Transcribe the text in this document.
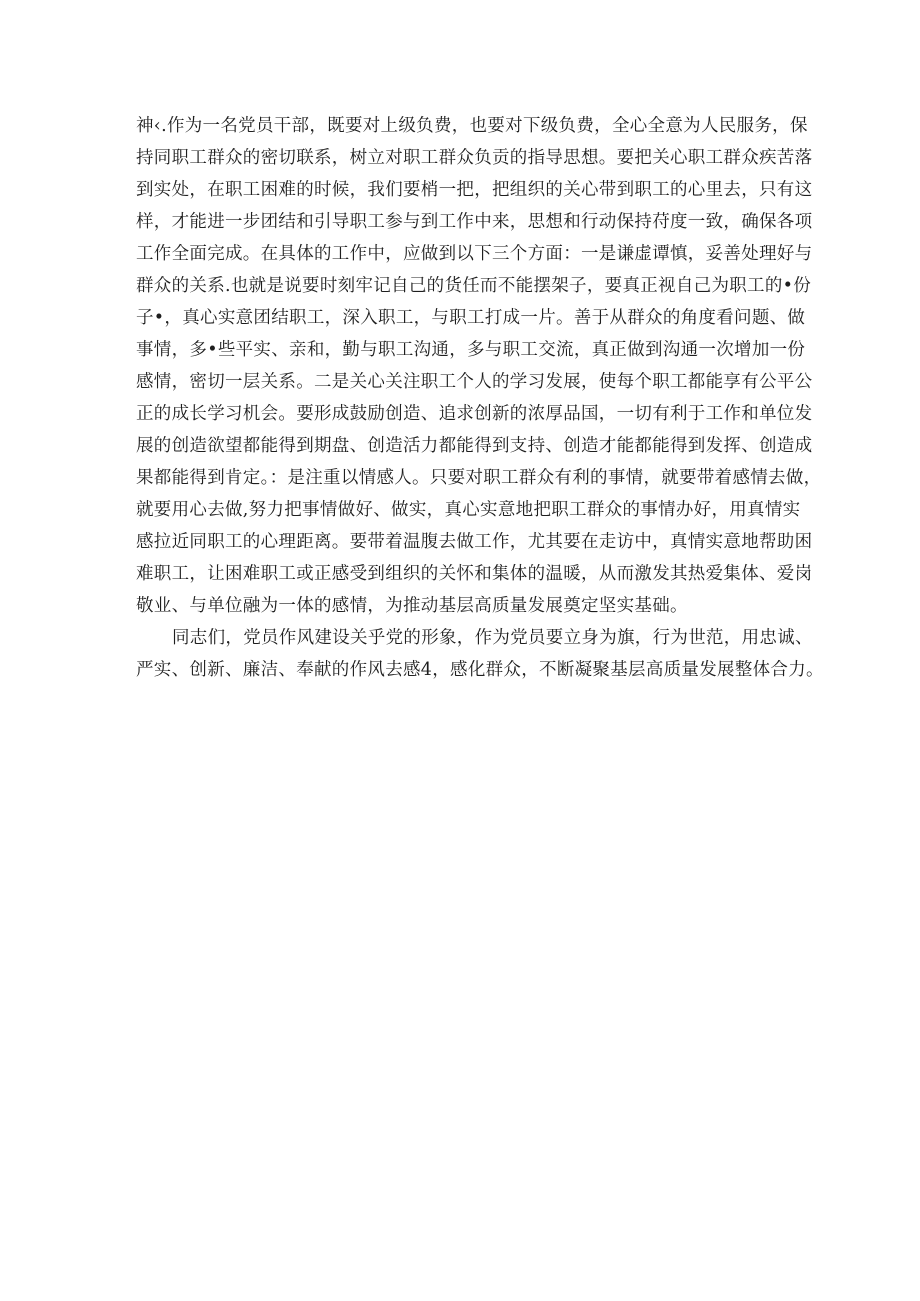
神‹.作为一名党员干部，既要对上级负费，也要对下级负费，全心全意为人民服务，保
持同职工群众的密切联系，树立对职工群众负贡的指导思想。要把关心职工群众疾苦落
到实处，在职工困难的时候，我们要梢一把，把组织的关心带到职工的心里去，只有这
样，才能进一步团结和引导职工参与到工作中来，思想和行动保持苻度一致，确保各项
工作全面完成。在具体的工作中，应做到以下三个方面：一是谦虚谭慎，妥善处理好与
群众的关系.也就是说要时刻牢记自己的货任而不能摆架子，要真正视自己为职工的•份
子•，真心实意团结职工，深入职工，与职工打成一片。善于从群众的角度看问题、做
事情，多•些平实、亲和，勤与职工沟通，多与职工交流，真正做到沟通一次增加一份
感情，密切一层关系。二是关心关注职工个人的学习发展，使每个职工都能享有公平公
正的成长学习机会。要形成鼓励创造、追求创新的浓厚品国，一切有利于工作和单位发
展的创造欲望都能得到期盘、创造活力都能得到支持、创造才能都能得到发挥、创造成
果都能得到肯定。：是注重以情感人。只要对职工群众有利的事情，就要带着感情去做，
就要用心去做,努力把事情做好、做实，真心实意地把职工群众的事情办好，用真情实
感拉近同职工的心理距离。要带着温腹去做工作，尤其要在走访中，真情实意地帮助困
难职工，让困难职工或正感受到组织的关怀和集体的温暖，从而激发其热爱集体、爱岗
敬业、与单位融为一体的感情，为推动基层高质量发展奠定坚实基础。
同志们，党员作风建设关乎党的形象，作为党员要立身为旗，行为世范，用忠诚、
严实、创新、廉洁、奉献的作风去感4，感化群众，不断凝聚基层高质量发展整体合力。
